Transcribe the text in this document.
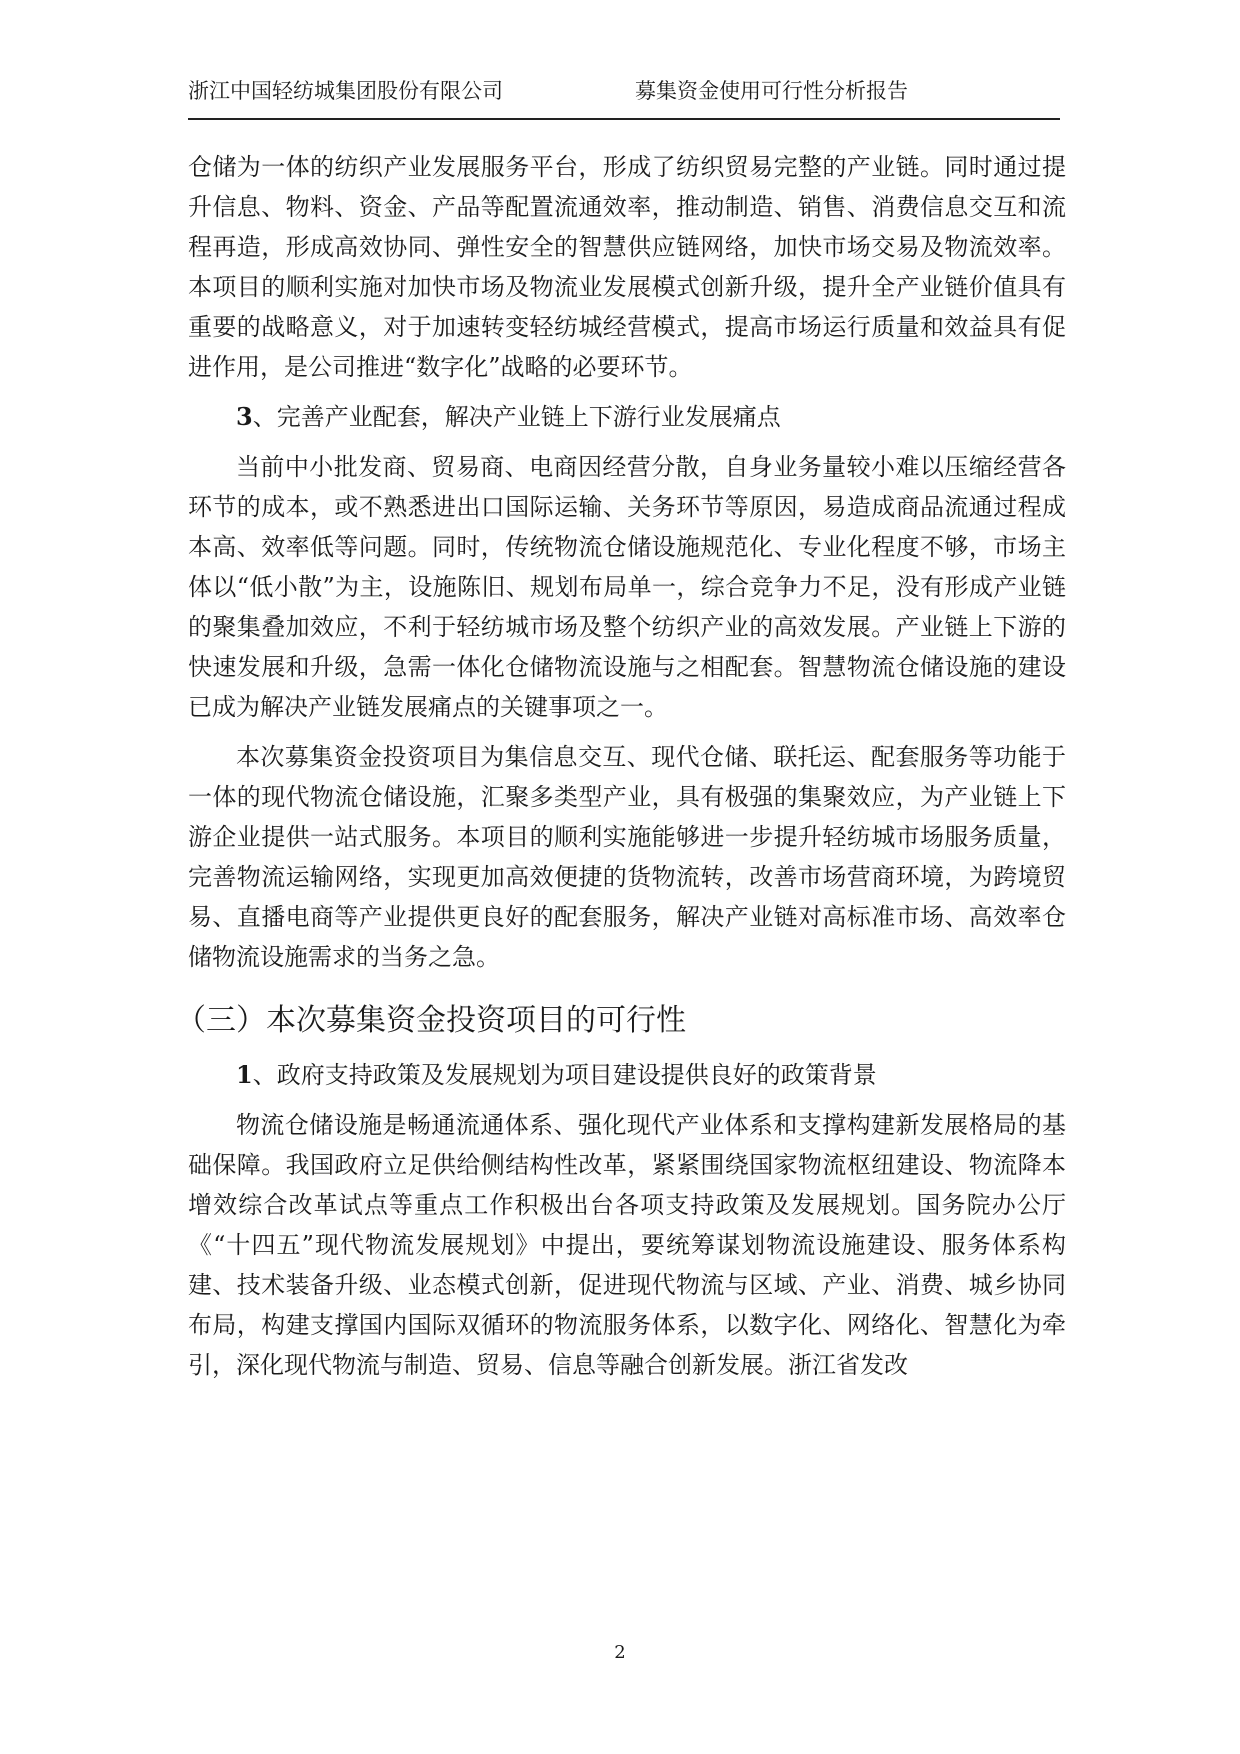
浙江中国轻纺城集团股份有限公司	募集资金使用可行性分析报告

仓储为一体的纺织产业发展服务平台，形成了纺织贸易完整的产业链。同时通过提升信息、物料、资金、产品等配置流通效率，推动制造、销售、消费信息交互和流程再造，形成高效协同、弹性安全的智慧供应链网络，加快市场交易及物流效率。本项目的顺利实施对加快市场及物流业发展模式创新升级，提升全产业链价值具有重要的战略意义，对于加速转变轻纺城经营模式，提高市场运行质量和效益具有促进作用，是公司推进“数字化”战略的必要环节。

3、完善产业配套，解决产业链上下游行业发展痛点

当前中小批发商、贸易商、电商因经营分散，自身业务量较小难以压缩经营各环节的成本，或不熟悉进出口国际运输、关务环节等原因，易造成商品流通过程成本高、效率低等问题。同时，传统物流仓储设施规范化、专业化程度不够，市场主体以“低小散”为主，设施陈旧、规划布局单一，综合竞争力不足，没有形成产业链的聚集叠加效应，不利于轻纺城市场及整个纺织产业的高效发展。产业链上下游的快速发展和升级，急需一体化仓储物流设施与之相配套。智慧物流仓储设施的建设已成为解决产业链发展痛点的关键事项之一。

本次募集资金投资项目为集信息交互、现代仓储、联托运、配套服务等功能于一体的现代物流仓储设施，汇聚多类型产业，具有极强的集聚效应，为产业链上下游企业提供一站式服务。本项目的顺利实施能够进一步提升轻纺城市场服务质量，完善物流运输网络，实现更加高效便捷的货物流转，改善市场营商环境，为跨境贸易、直播电商等产业提供更良好的配套服务，解决产业链对高标准市场、高效率仓储物流设施需求的当务之急。

（三）本次募集资金投资项目的可行性

1、政府支持政策及发展规划为项目建设提供良好的政策背景

物流仓储设施是畅通流通体系、强化现代产业体系和支撑构建新发展格局的基础保障。我国政府立足供给侧结构性改革，紧紧围绕国家物流枢纽建设、物流降本增效综合改革试点等重点工作积极出台各项支持政策及发展规划。国务院办公厅《“十四五”现代物流发展规划》中提出，要统筹谋划物流设施建设、服务体系构建、技术装备升级、业态模式创新，促进现代物流与区域、产业、消费、城乡协同布局，构建支撑国内国际双循环的物流服务体系，以数字化、网络化、智慧化为牵引，深化现代物流与制造、贸易、信息等融合创新发展。浙江省发改

2
